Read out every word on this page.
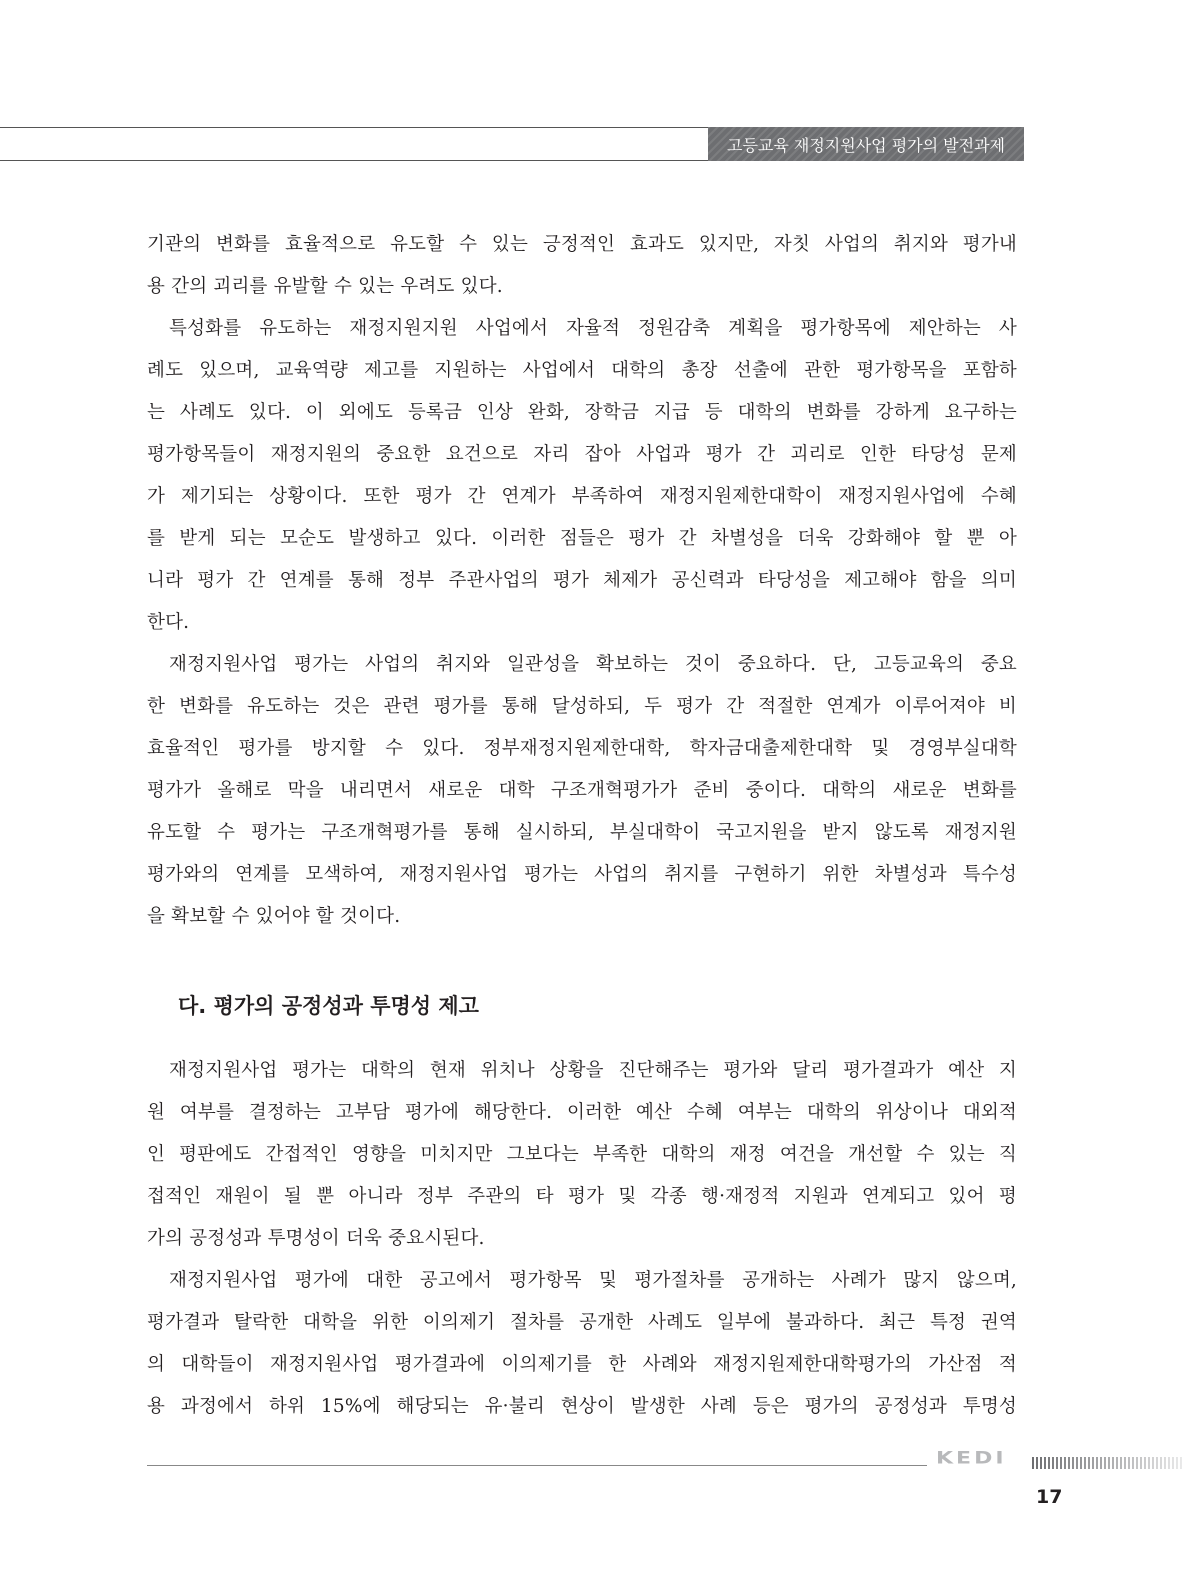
고등교육 재정지원사업 평가의 발전과제

기관의 변화를 효율적으로 유도할 수 있는 긍정적인 효과도 있지만, 자칫 사업의 취지와 평가내

용 간의 괴리를 유발할 수 있는 우려도 있다.

특성화를 유도하는 재정지원지원 사업에서 자율적 정원감축 계획을 평가항목에 제안하는 사

례도 있으며, 교육역량 제고를 지원하는 사업에서 대학의 총장 선출에 관한 평가항목을 포함하

는 사례도 있다. 이 외에도 등록금 인상 완화, 장학금 지급 등 대학의 변화를 강하게 요구하는

평가항목들이 재정지원의 중요한 요건으로 자리 잡아 사업과 평가 간 괴리로 인한 타당성 문제

가 제기되는 상황이다. 또한 평가 간 연계가 부족하여 재정지원제한대학이 재정지원사업에 수혜

를 받게 되는 모순도 발생하고 있다. 이러한 점들은 평가 간 차별성을 더욱 강화해야 할 뿐 아

니라 평가 간 연계를 통해 정부 주관사업의 평가 체제가 공신력과 타당성을 제고해야 함을 의미

한다.

재정지원사업 평가는 사업의 취지와 일관성을 확보하는 것이 중요하다. 단, 고등교육의 중요

한 변화를 유도하는 것은 관련 평가를 통해 달성하되, 두 평가 간 적절한 연계가 이루어져야 비

효율적인 평가를 방지할 수 있다. 정부재정지원제한대학, 학자금대출제한대학 및 경영부실대학

평가가 올해로 막을 내리면서 새로운 대학 구조개혁평가가 준비 중이다. 대학의 새로운 변화를

유도할 수 평가는 구조개혁평가를 통해 실시하되, 부실대학이 국고지원을 받지 않도록 재정지원

평가와의 연계를 모색하여, 재정지원사업 평가는 사업의 취지를 구현하기 위한 차별성과 특수성

을 확보할 수 있어야 할 것이다.

다. 평가의 공정성과 투명성 제고

재정지원사업 평가는 대학의 현재 위치나 상황을 진단해주는 평가와 달리 평가결과가 예산 지

원 여부를 결정하는 고부담 평가에 해당한다. 이러한 예산 수혜 여부는 대학의 위상이나 대외적

인 평판에도 간접적인 영향을 미치지만 그보다는 부족한 대학의 재정 여건을 개선할 수 있는 직

접적인 재원이 될 뿐 아니라 정부 주관의 타 평가 및 각종 행·재정적 지원과 연계되고 있어 평

가의 공정성과 투명성이 더욱 중요시된다.

재정지원사업 평가에 대한 공고에서 평가항목 및 평가절차를 공개하는 사례가 많지 않으며,

평가결과 탈락한 대학을 위한 이의제기 절차를 공개한 사례도 일부에 불과하다. 최근 특정 권역

의 대학들이 재정지원사업 평가결과에 이의제기를 한 사례와 재정지원제한대학평가의 가산점 적

용 과정에서 하위 15%에 해당되는 유·불리 현상이 발생한 사례 등은 평가의 공정성과 투명성

KEDI
17
